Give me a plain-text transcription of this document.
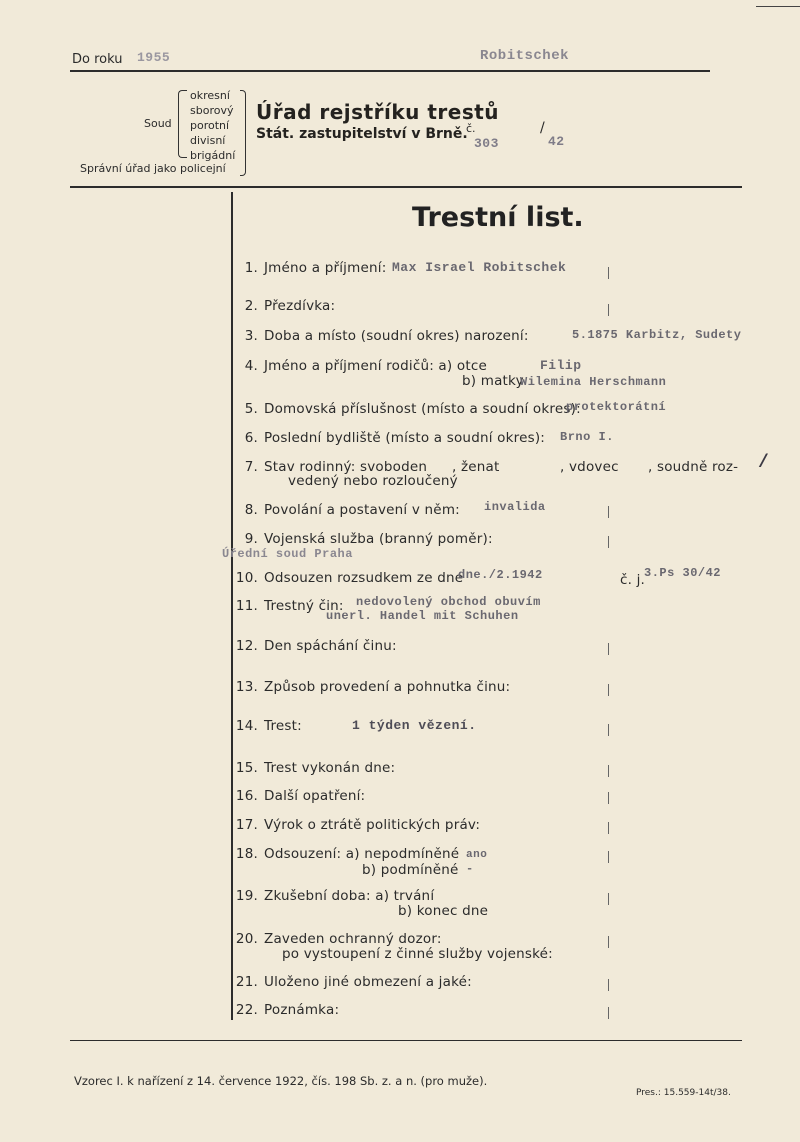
Do roku 1955	Robitschek
Soud
okresní
sborový
porotní
divisní
brigádní
Správní úřad jako policejní
Úřad rejstříku trestů
Stát. zastupitelství v Brně.
č.
303
/
42
Trestní list.
1. Jméno a příjmení: Max Israel Robitschek
2. Přezdívka:
3. Doba a místo (soudní okres) narození:	5.1875 Karbitz, Sudety
4. Jméno a příjmení rodičů: a) otce	Filip
b) matky
Wilemina Herschmann
5. Domovská příslušnost (místo a soudní okres):
protektorátní
6. Poslední bydliště (místo a soudní okres): Brno I.
7. Stav rodinný: svoboden , ženat	, vdovec , soudně roz-
vedený nebo rozloučený
/
8. Povolání a postavení v něm: invalida
9. Vojenská služba (branný poměr):
Úřední soud Praha
10. Odsouzen rozsudkem ze dne
dne./2.1942	č. j.
3.Ps 30/42
11. Trestný čin: nedovolený obchod obuvím
unerl. Handel mit Schuhen
12. Den spáchání činu:
13. Způsob provedení a pohnutka činu:
14. Trest:	1 týden vězení.
15. Trest vykonán dne:
16. Další opatření:
17. Výrok o ztrátě politických práv:
18. Odsouzení: a) nepodmíněné ano
b) podmíněné -
19. Zkušební doba: a) trvání
b) konec dne
20. Zaveden ochranný dozor:
po vystoupení z činné služby vojenské:
21. Uloženo jiné obmezení a jaké:
22. Poznámka:
Vzorec I. k nařízení z 14. července 1922, čís. 198 Sb. z. a n. (pro muže).
Pres.: 15.559-14t/38.
